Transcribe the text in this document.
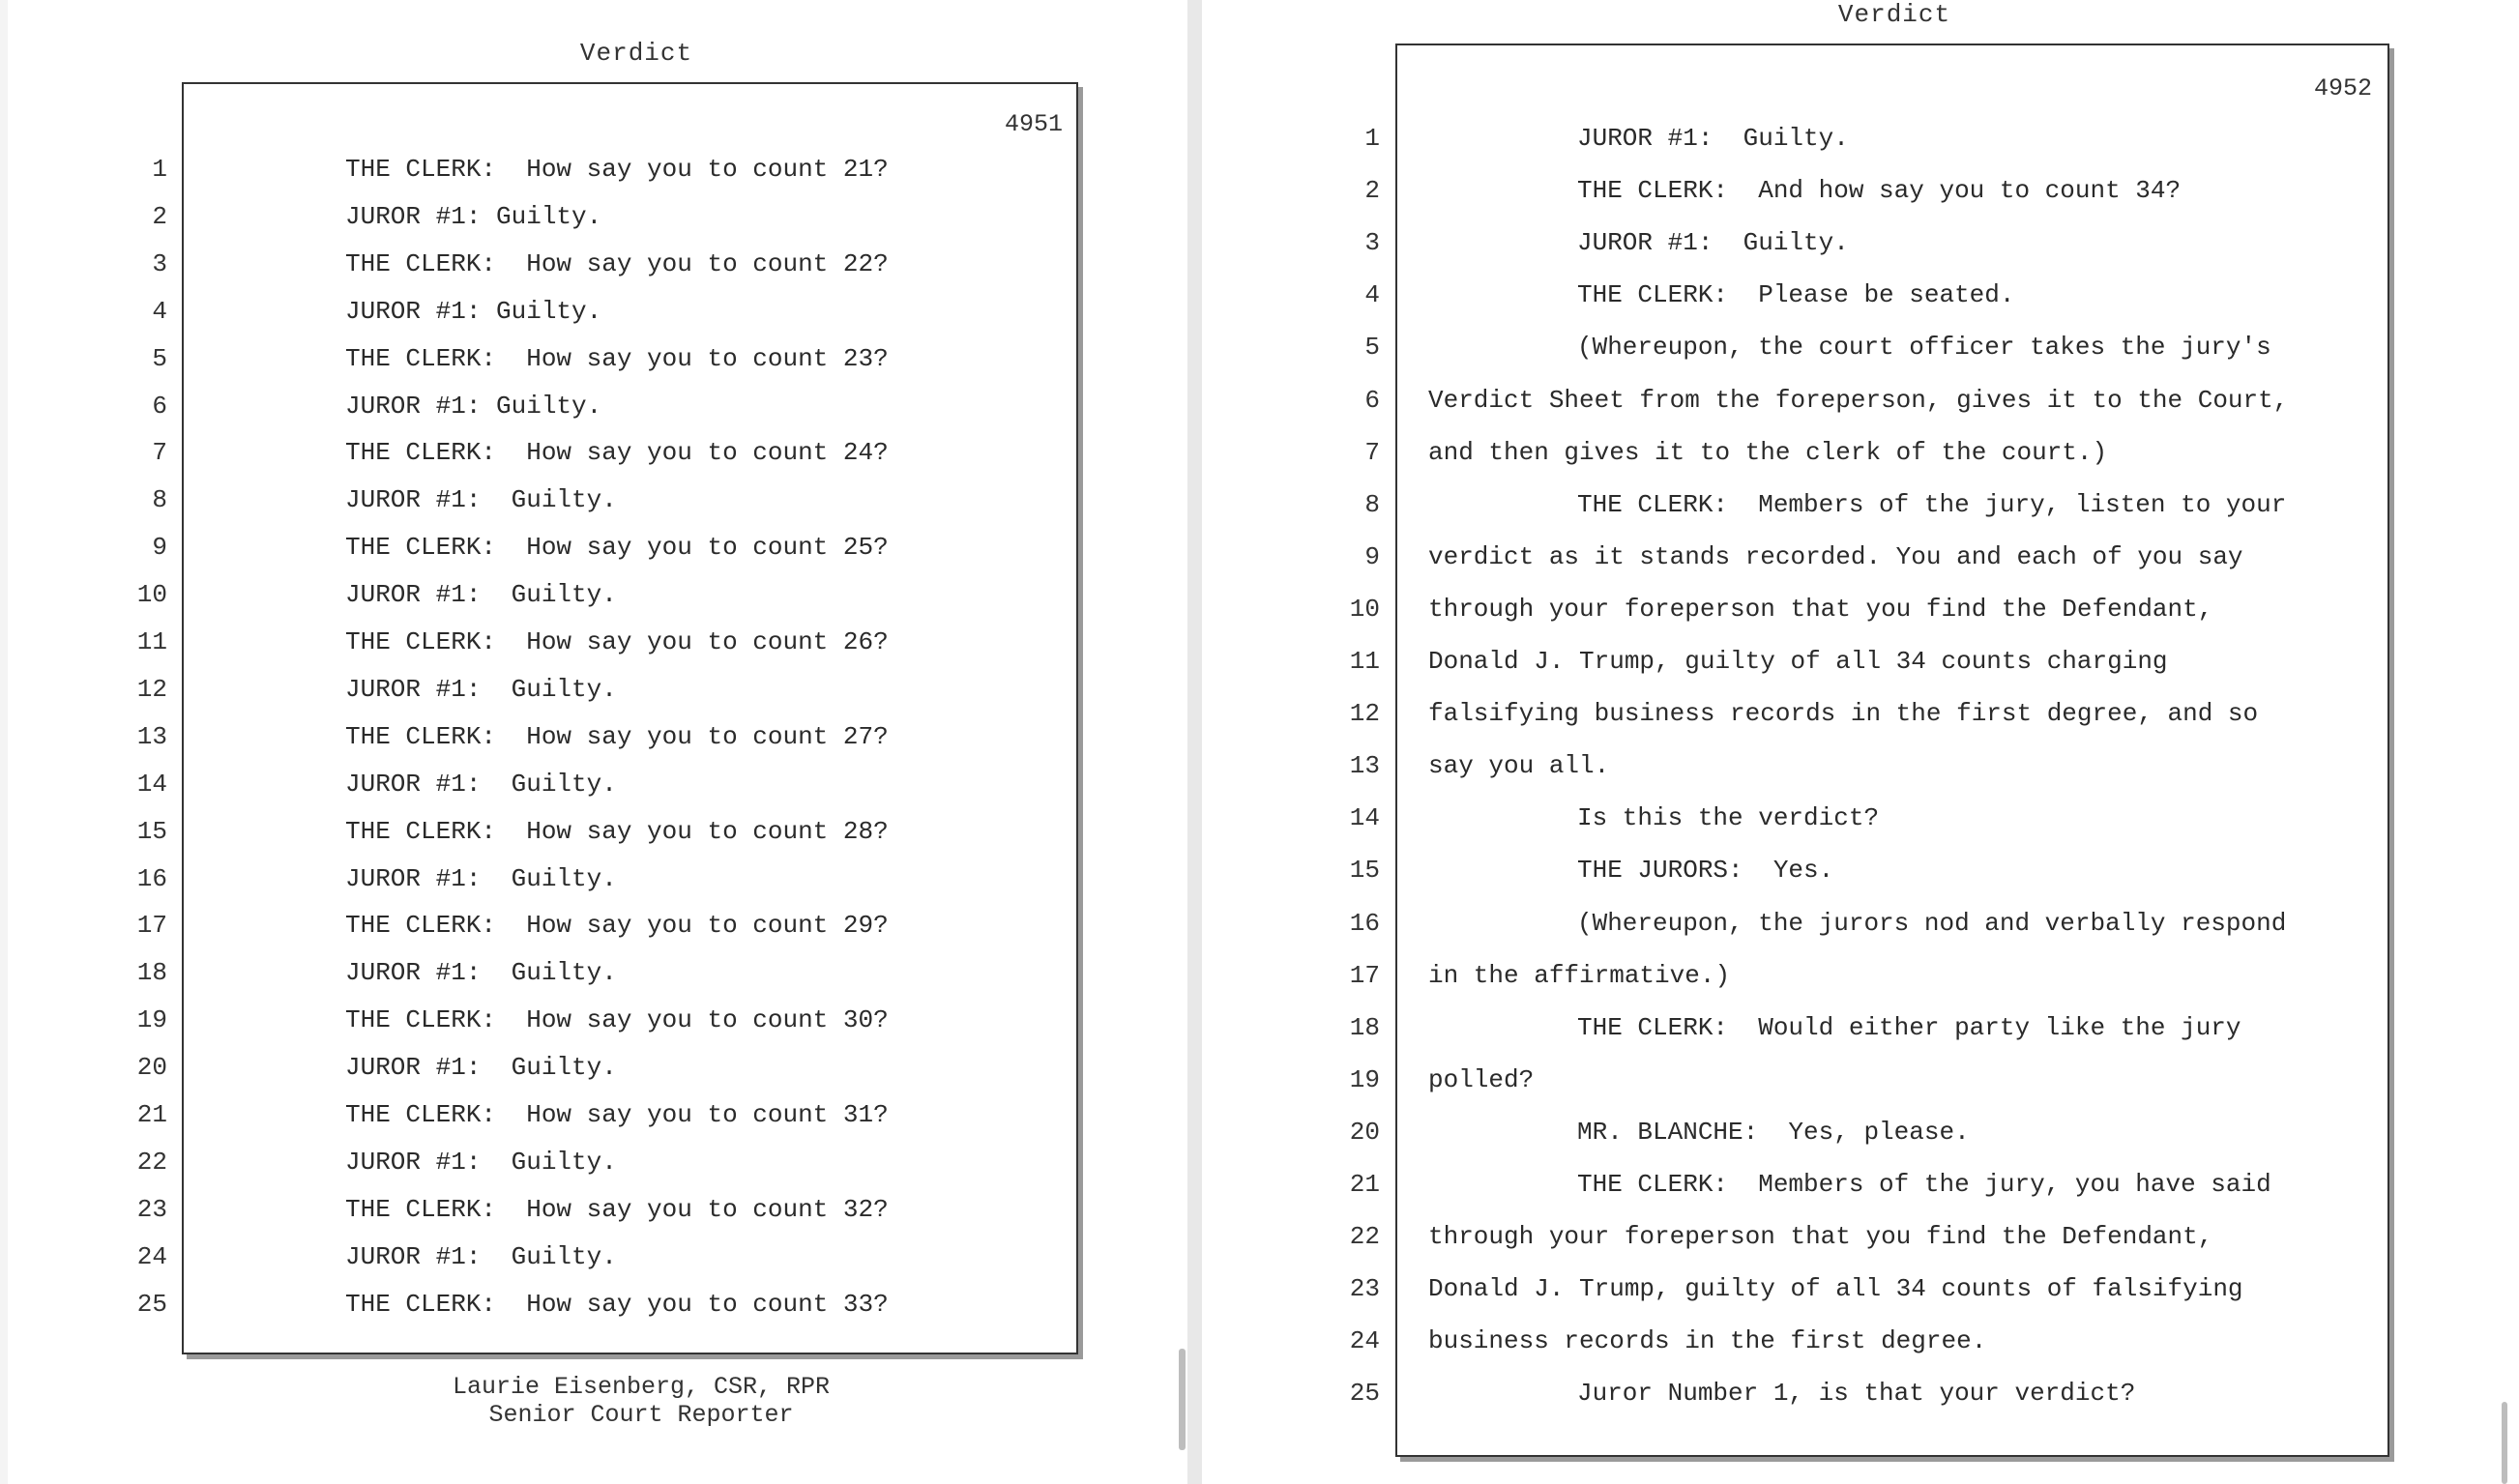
Verdict
4951
1	THE CLERK:  How say you to count 21?
2	JUROR #1: Guilty.
3	THE CLERK:  How say you to count 22?
4	JUROR #1: Guilty.
5	THE CLERK:  How say you to count 23?
6	JUROR #1: Guilty.
7	THE CLERK:  How say you to count 24?
8	JUROR #1:  Guilty.
9	THE CLERK:  How say you to count 25?
10	JUROR #1:  Guilty.
11	THE CLERK:  How say you to count 26?
12	JUROR #1:  Guilty.
13	THE CLERK:  How say you to count 27?
14	JUROR #1:  Guilty.
15	THE CLERK:  How say you to count 28?
16	JUROR #1:  Guilty.
17	THE CLERK:  How say you to count 29?
18	JUROR #1:  Guilty.
19	THE CLERK:  How say you to count 30?
20	JUROR #1:  Guilty.
21	THE CLERK:  How say you to count 31?
22	JUROR #1:  Guilty.
23	THE CLERK:  How say you to count 32?
24	JUROR #1:  Guilty.
25	THE CLERK:  How say you to count 33?
Laurie Eisenberg, CSR, RPR
Senior Court Reporter
Verdict
4952
1	JUROR #1:  Guilty.
2	THE CLERK:  And how say you to count 34?
3	JUROR #1:  Guilty.
4	THE CLERK:  Please be seated.
5	(Whereupon, the court officer takes the jury's
6 Verdict Sheet from the foreperson, gives it to the Court,
7 and then gives it to the clerk of the court.)
8	THE CLERK:  Members of the jury, listen to your
9 verdict as it stands recorded. You and each of you say
10 through your foreperson that you find the Defendant,
11 Donald J. Trump, guilty of all 34 counts charging
12 falsifying business records in the first degree, and so
13 say you all.
14	Is this the verdict?
15	THE JURORS:  Yes.
16	(Whereupon, the jurors nod and verbally respond
17 in the affirmative.)
18	THE CLERK:  Would either party like the jury
19 polled?
20	MR. BLANCHE:  Yes, please.
21	THE CLERK:  Members of the jury, you have said
22 through your foreperson that you find the Defendant,
23 Donald J. Trump, guilty of all 34 counts of falsifying
24 business records in the first degree.
25	Juror Number 1, is that your verdict?
